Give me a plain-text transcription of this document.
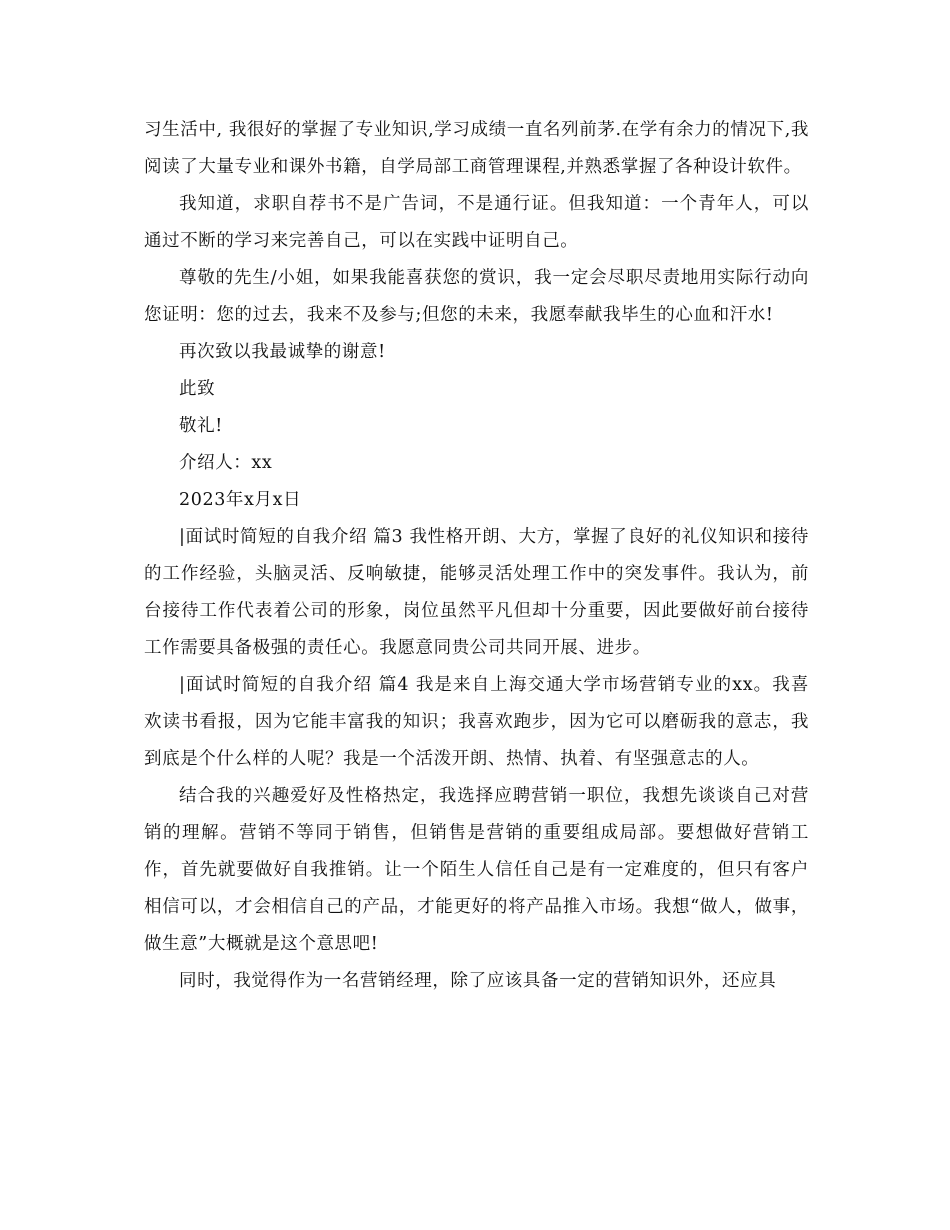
习生活中, 我很好的掌握了专业知识,学习成绩一直名列前茅.在学有余力的情况下,我阅读了大量专业和课外书籍，自学局部工商管理课程,并熟悉掌握了各种设计软件。

我知道，求职自荐书不是广告词，不是通行证。但我知道：一个青年人，可以通过不断的学习来完善自己，可以在实践中证明自己。

尊敬的先生/小姐，如果我能喜获您的赏识，我一定会尽职尽责地用实际行动向您证明：您的过去，我来不及参与;但您的未来，我愿奉献我毕生的心血和汗水!

再次致以我最诚挚的谢意!

此致

敬礼!

介绍人：xx

2023年x月x日

|面试时简短的自我介绍 篇3 我性格开朗、大方，掌握了良好的礼仪知识和接待的工作经验，头脑灵活、反响敏捷，能够灵活处理工作中的突发事件。我认为，前台接待工作代表着公司的形象，岗位虽然平凡但却十分重要，因此要做好前台接待工作需要具备极强的责任心。我愿意同贵公司共同开展、进步。

|面试时简短的自我介绍 篇4 我是来自上海交通大学市场营销专业的xx。我喜欢读书看报，因为它能丰富我的知识；我喜欢跑步，因为它可以磨砺我的意志，我到底是个什么样的人呢？我是一个活泼开朗、热情、执着、有坚强意志的人。

结合我的兴趣爱好及性格热定，我选择应聘营销一职位，我想先谈谈自己对营销的理解。营销不等同于销售，但销售是营销的重要组成局部。要想做好营销工作，首先就要做好自我推销。让一个陌生人信任自己是有一定难度的，但只有客户相信可以，才会相信自己的产品，才能更好的将产品推入市场。我想“做人，做事，做生意”大概就是这个意思吧!

同时，我觉得作为一名营销经理，除了应该具备一定的营销知识外，还应具
